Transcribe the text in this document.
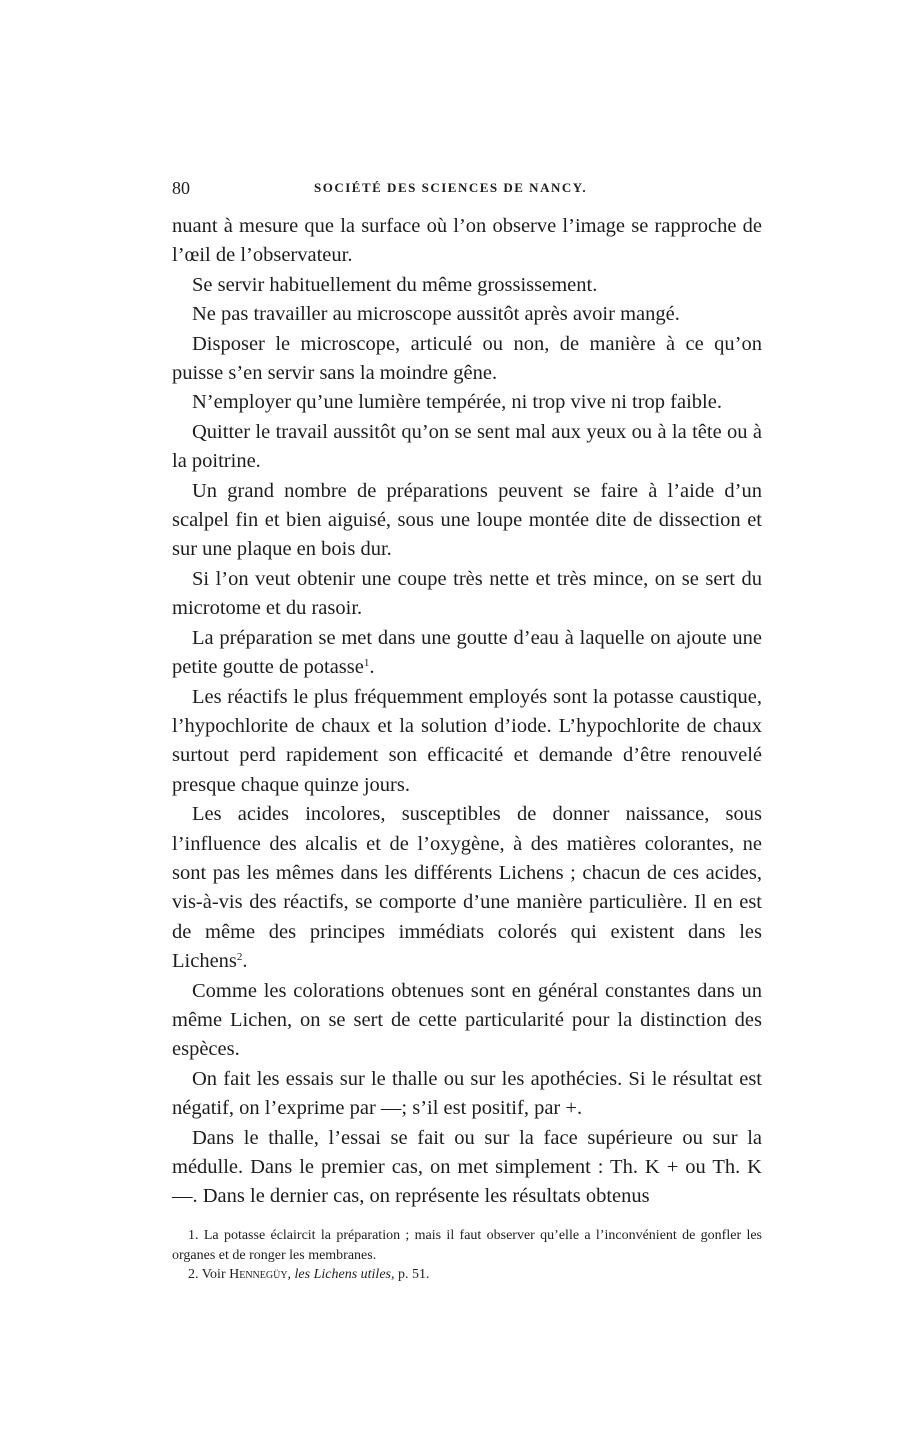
80	SOCIÉTÉ DES SCIENCES DE NANCY.

nuant à mesure que la surface où l’on observe l’image se rapproche de l’œil de l’observateur.

Se servir habituellement du même grossissement.

Ne pas travailler au microscope aussitôt après avoir mangé.

Disposer le microscope, articulé ou non, de manière à ce qu’on puisse s’en servir sans la moindre gêne.

N’employer qu’une lumière tempérée, ni trop vive ni trop faible.

Quitter le travail aussitôt qu’on se sent mal aux yeux ou à la tête ou à la poitrine.

Un grand nombre de préparations peuvent se faire à l’aide d’un scalpel fin et bien aiguisé, sous une loupe montée dite de dissection et sur une plaque en bois dur.

Si l’on veut obtenir une coupe très nette et très mince, on se sert du microtome et du rasoir.

La préparation se met dans une goutte d’eau à laquelle on ajoute une petite goutte de potasse$^1$.

Les réactifs le plus fréquemment employés sont la potasse caustique, l’hypochlorite de chaux et la solution d’iode. L’hypochlorite de chaux surtout perd rapidement son efficacité et demande d’être renouvelé presque chaque quinze jours.

Les acides incolores, susceptibles de donner naissance, sous l’influence des alcalis et de l’oxygène, à des matières colorantes, ne sont pas les mêmes dans les différents Lichens ; chacun de ces acides, vis-à-vis des réactifs, se comporte d’une manière particulière. Il en est de même des principes immédiats colorés qui existent dans les Lichens$^2$.

Comme les colorations obtenues sont en général constantes dans un même Lichen, on se sert de cette particularité pour la distinction des espèces.

On fait les essais sur le thalle ou sur les apothécies. Si le résultat est négatif, on l’exprime par —; s’il est positif, par +.

Dans le thalle, l’essai se fait ou sur la face supérieure ou sur la médulle. Dans le premier cas, on met simplement : Th. K + ou Th. K —. Dans le dernier cas, on représente les résultats obtenus

1. La potasse éclaircit la préparation ; mais il faut observer qu’elle a l’inconvénient de gonfler les organes et de ronger les membranes.

2. Voir Hennegüy, les Lichens utiles, p. 51.
